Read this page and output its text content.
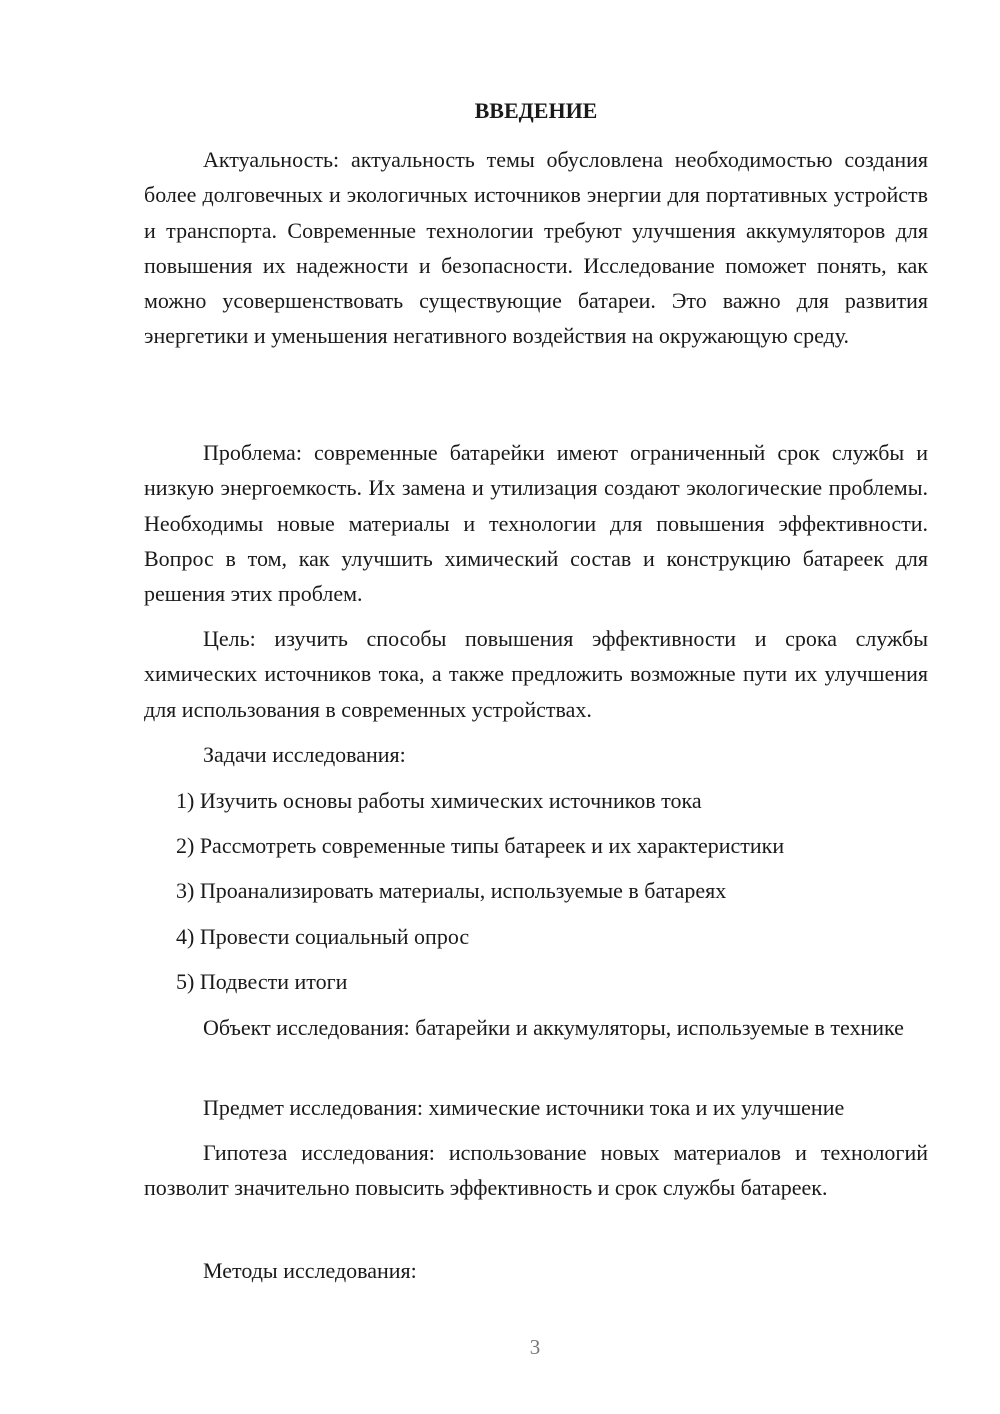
ВВЕДЕНИЕ

Актуальность: актуальность темы обусловлена необходимостью создания более долговечных и экологичных источников энергии для портативных устройств и транспорта. Современные технологии требуют улучшения аккумуляторов для повышения их надежности и безопасности. Исследование поможет понять, как можно усовершенствовать существующие батареи. Это важно для развития энергетики и уменьшения негативного воздействия на окружающую среду.

Проблема: современные батарейки имеют ограниченный срок службы и низкую энергоемкость. Их замена и утилизация создают экологические проблемы. Необходимы новые материалы и технологии для повышения эффективности. Вопрос в том, как улучшить химический состав и конструкцию батареек для решения этих проблем.

Цель: изучить способы повышения эффективности и срока службы химических источников тока, а также предложить возможные пути их улучшения для использования в современных устройствах.

Задачи исследования:

1) Изучить основы работы химических источников тока

2) Рассмотреть современные типы батареек и их характеристики

3) Проанализировать материалы, используемые в батареях

4) Провести социальный опрос

5) Подвести итоги

Объект исследования: батарейки и аккумуляторы, используемые в технике

Предмет исследования: химические источники тока и их улучшение

Гипотеза исследования: использование новых материалов и технологий позволит значительно повысить эффективность и срок службы батареек.

Методы исследования:

3
